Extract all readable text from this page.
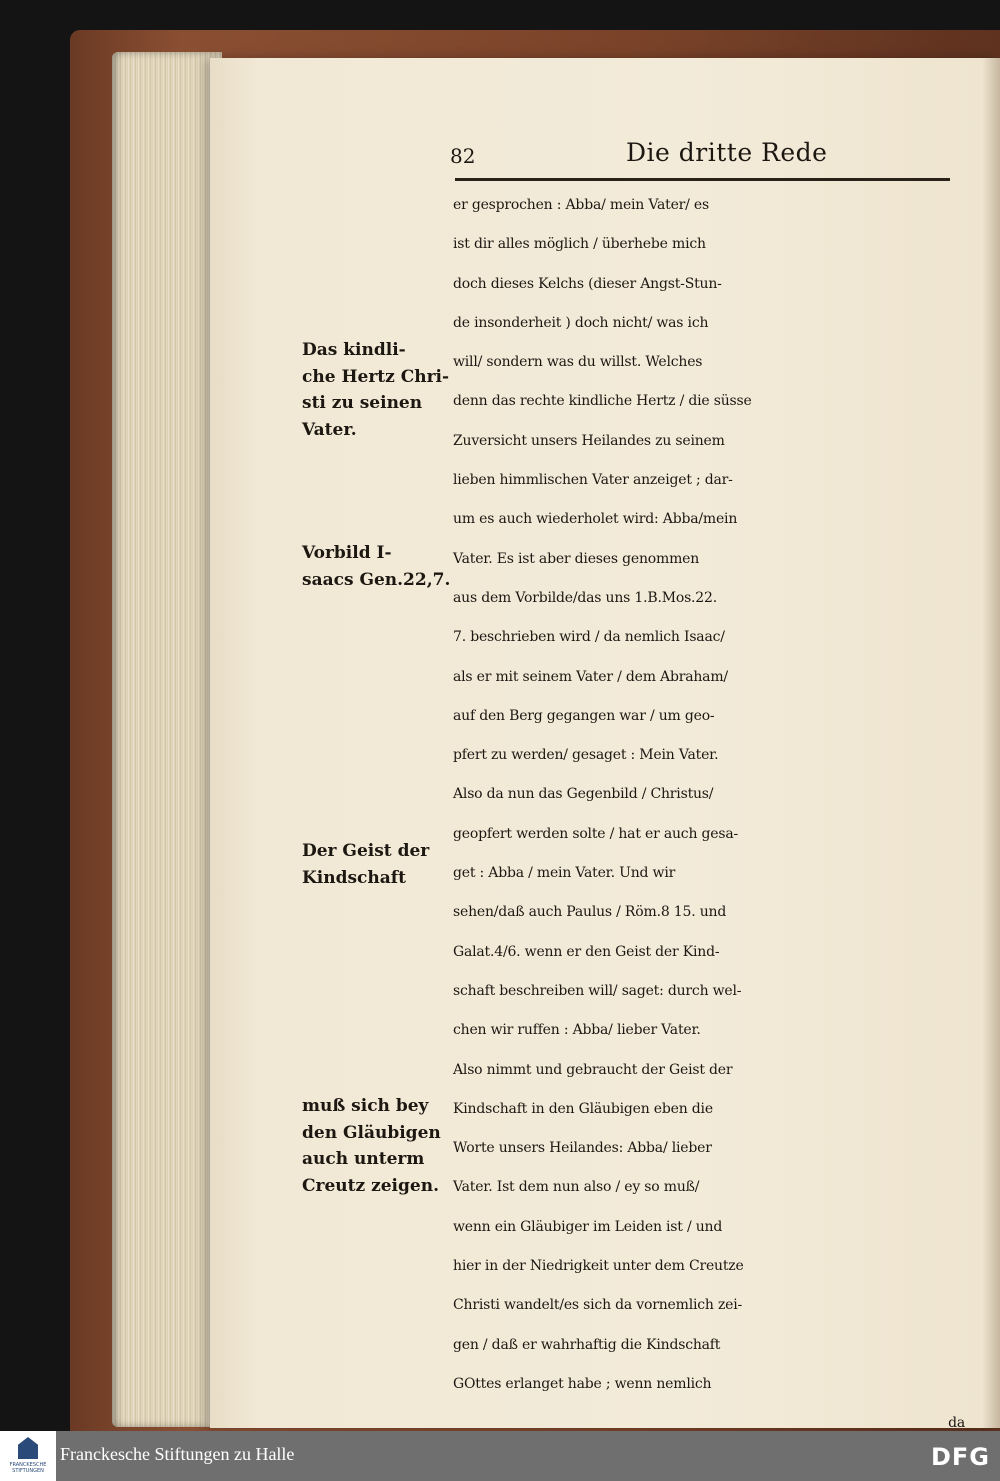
82	Die dritte Rede
er gesprochen : Abba/ mein Vater/ es
ist dir alles möglich / überhebe mich
doch dieses Kelchs (dieser Angst-Stun-
de insonderheit ) doch nicht/ was ich
will/ sondern was du willst. Welches
denn das rechte kindliche Hertz / die süsse
Zuversicht unsers Heilandes zu seinem
lieben himmlischen Vater anzeiget ; dar-
um es auch wiederholet wird: Abba/mein
Vater. Es ist aber dieses genommen
aus dem Vorbilde/das uns 1.B.Mos.22.
7. beschrieben wird / da nemlich Isaac/
als er mit seinem Vater / dem Abraham/
auf den Berg gegangen war / um geo-
pfert zu werden/ gesaget : Mein Vater.
Also da nun das Gegenbild / Christus/
geopfert werden solte / hat er auch gesa-
get : Abba / mein Vater. Und wir
sehen/daß auch Paulus / Röm.8 15. und
Galat.4/6. wenn er den Geist der Kind-
schaft beschreiben will/ saget: durch wel-
chen wir ruffen : Abba/ lieber Vater.
Also nimmt und gebraucht der Geist der
Kindschaft in den Gläubigen eben die
Worte unsers Heilandes: Abba/ lieber
Vater. Ist dem nun also / ey so muß/
wenn ein Gläubiger im Leiden ist / und
hier in der Niedrigkeit unter dem Creutze
Christi wandelt/es sich da vornemlich zei-
gen / daß er wahrhaftig die Kindschaft
GOttes erlanget habe ; wenn nemlich
da
Das kindli-
che Hertz Chri-
sti zu seinen
Vater.
Vorbild I-
saacs Gen.22,7.
Der Geist der
Kindschaft
muß sich bey
den Gläubigen
auch unterm
Creutz zeigen.
FRANCKESCHE STIFTUNGEN
Franckesche Stiftungen zu Halle	DFG
